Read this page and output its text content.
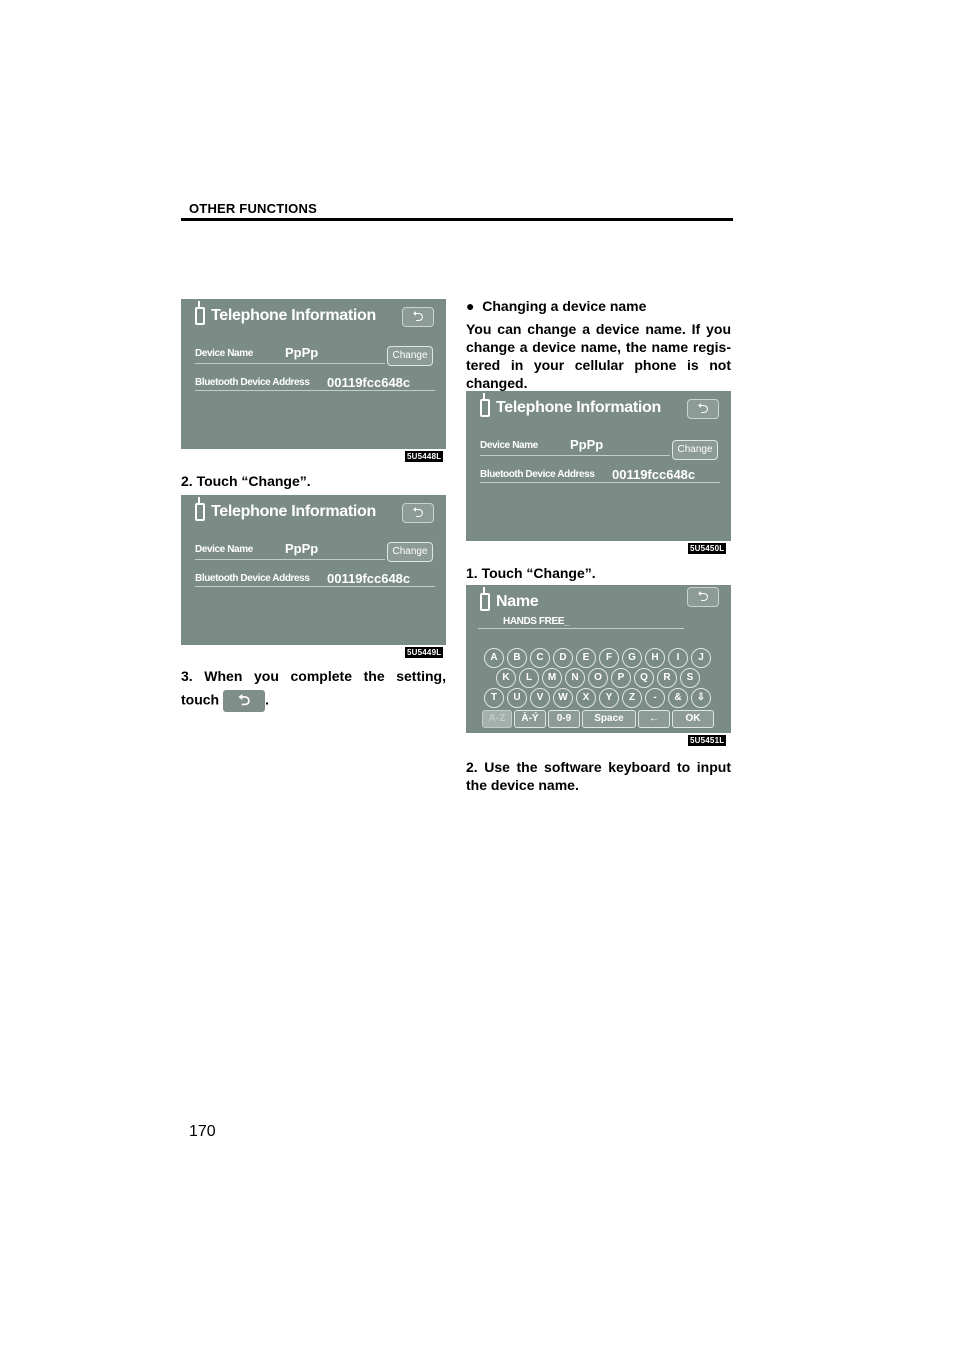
OTHER FUNCTIONS
Telephone Information	⮌
Device Name PpPp	Change
Bluetooth Device Address 00119fcc648c
5U5448L
2. Touch “Change”.
Telephone Information	⮌
Device Name PpPp	Change
Bluetooth Device Address 00119fcc648c
5U5449L
3. When you complete the setting,
touch ⮌ .
● Changing a device name
You can change a device name. If you
change a device name, the name regis-
tered in your cellular phone is not
changed.
Telephone Information	⮌
Device Name PpPp	Change
Bluetooth Device Address 00119fcc648c
5U5450L
1. Touch “Change”.
Name	⮌
HANDS FREE_
A	B	C	D	E	F	G	H	I	J
K	L	M	N	O	P	Q	R	S
T	U	V	W	X	Y	Z	-	&	⇩
A-Z	À-Ý	0-9	Space	←	OK
5U5451L
2. Use the software keyboard to input
the device name.
170
